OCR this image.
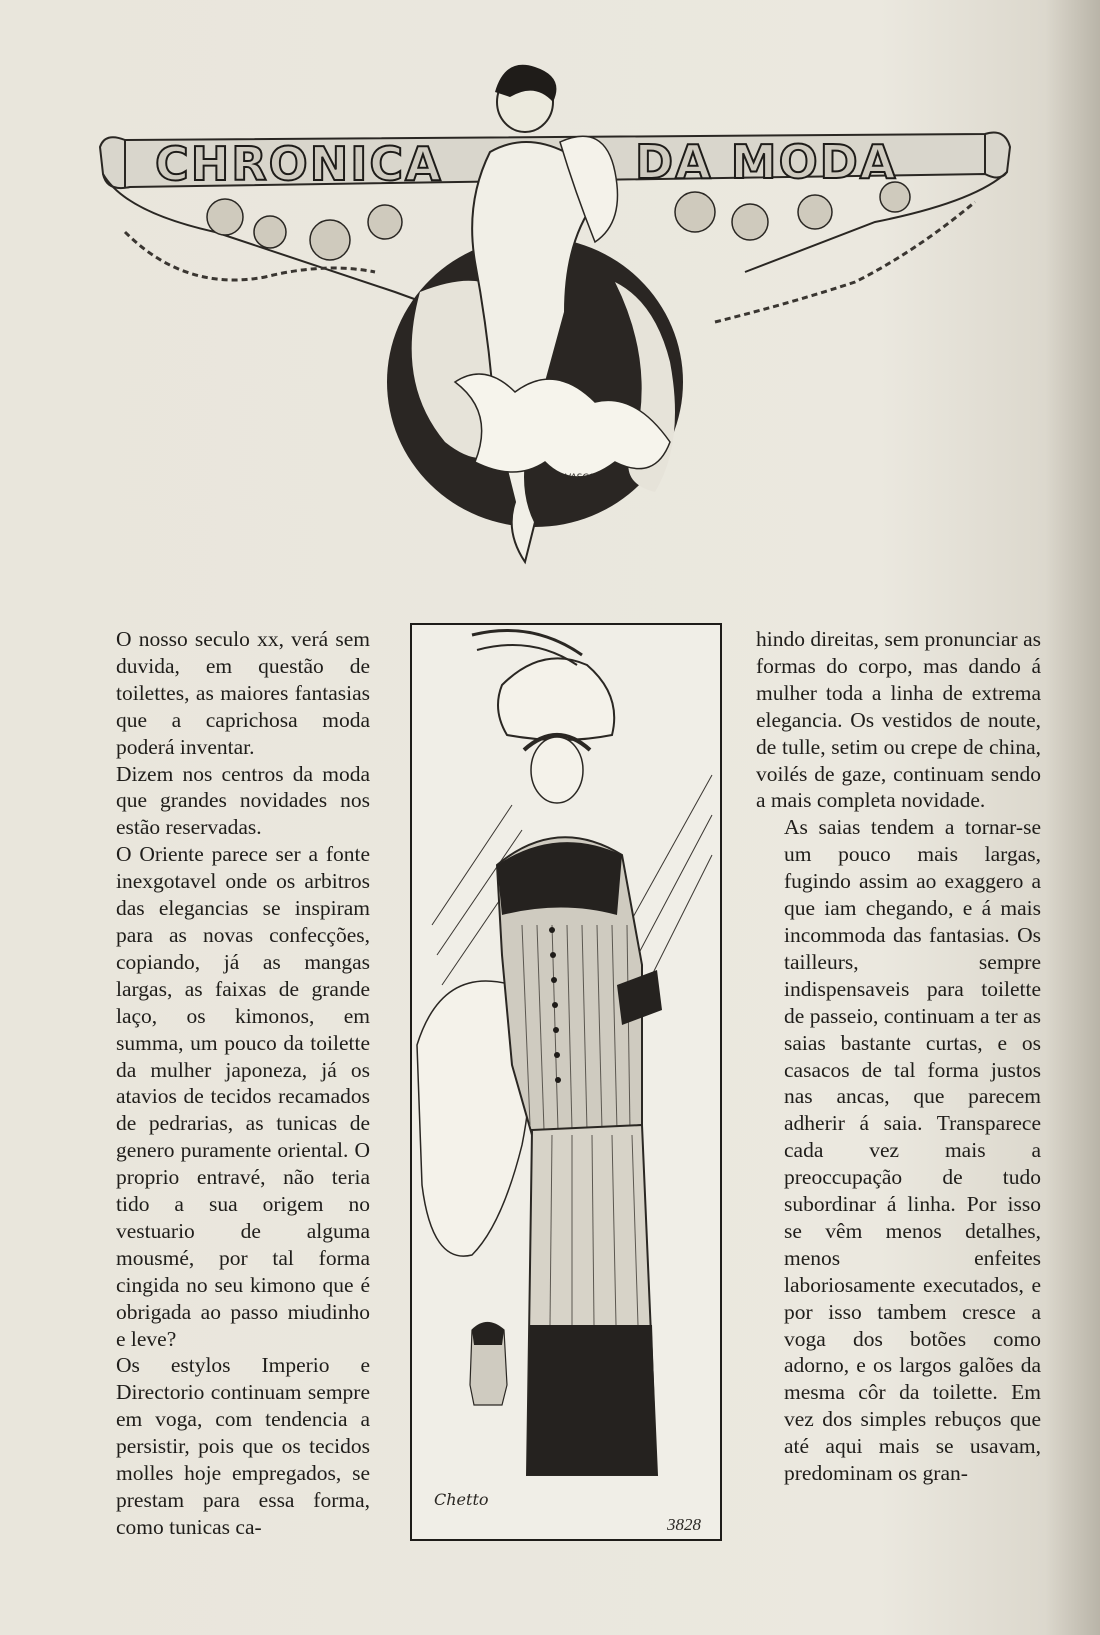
CHRONICA	DA MODA
VASCO

O nosso seculo xx, verá sem duvida, em questão de toilettes, as maiores fantasias que a caprichosa moda poderá inventar.

Dizem nos centros da moda que grandes novidades nos estão reservadas.

O Oriente parece ser a fonte inexgotavel onde os arbitros das elegancias se inspiram para as novas confecções, copiando, já as mangas largas, as faixas de grande laço, os kimonos, em summa, um pouco da toilette da mulher japoneza, já os atavios de tecidos recamados de pedrarias, as tunicas de genero puramente oriental. O proprio entravé, não teria tido a sua origem no vestuario de alguma mousmé, por tal forma cingida no seu kimono que é obrigada ao passo miudinho e leve?

Os estylos Imperio e Directorio continuam sempre em voga, com tendencia a persistir, pois que os tecidos molles hoje empregados, se prestam para essa forma, como tunicas ca-

Chetto
3828

hindo direitas, sem pronunciar as formas do corpo, mas dando á mulher toda a linha de extrema elegancia. Os vestidos de noute, de tulle, setim ou crepe de china, voilés de gaze, continuam sendo a mais completa novidade.

As saias tendem a tornar-se um pouco mais largas, fugindo assim ao exaggero a que iam chegando, e á mais incommoda das fantasias. Os tailleurs, sempre indispensaveis para toilette de passeio, continuam a ter as saias bastante curtas, e os casacos de tal forma justos nas ancas, que parecem adherir á saia. Transparece cada vez mais a preoccupação de tudo subordinar á linha. Por isso se vêm menos detalhes, menos enfeites laboriosamente executados, e por isso tambem cresce a voga dos botões como adorno, e os largos galões da mesma côr da toilette. Em vez dos simples rebuços que até aqui mais se usavam, predominam os gran-
